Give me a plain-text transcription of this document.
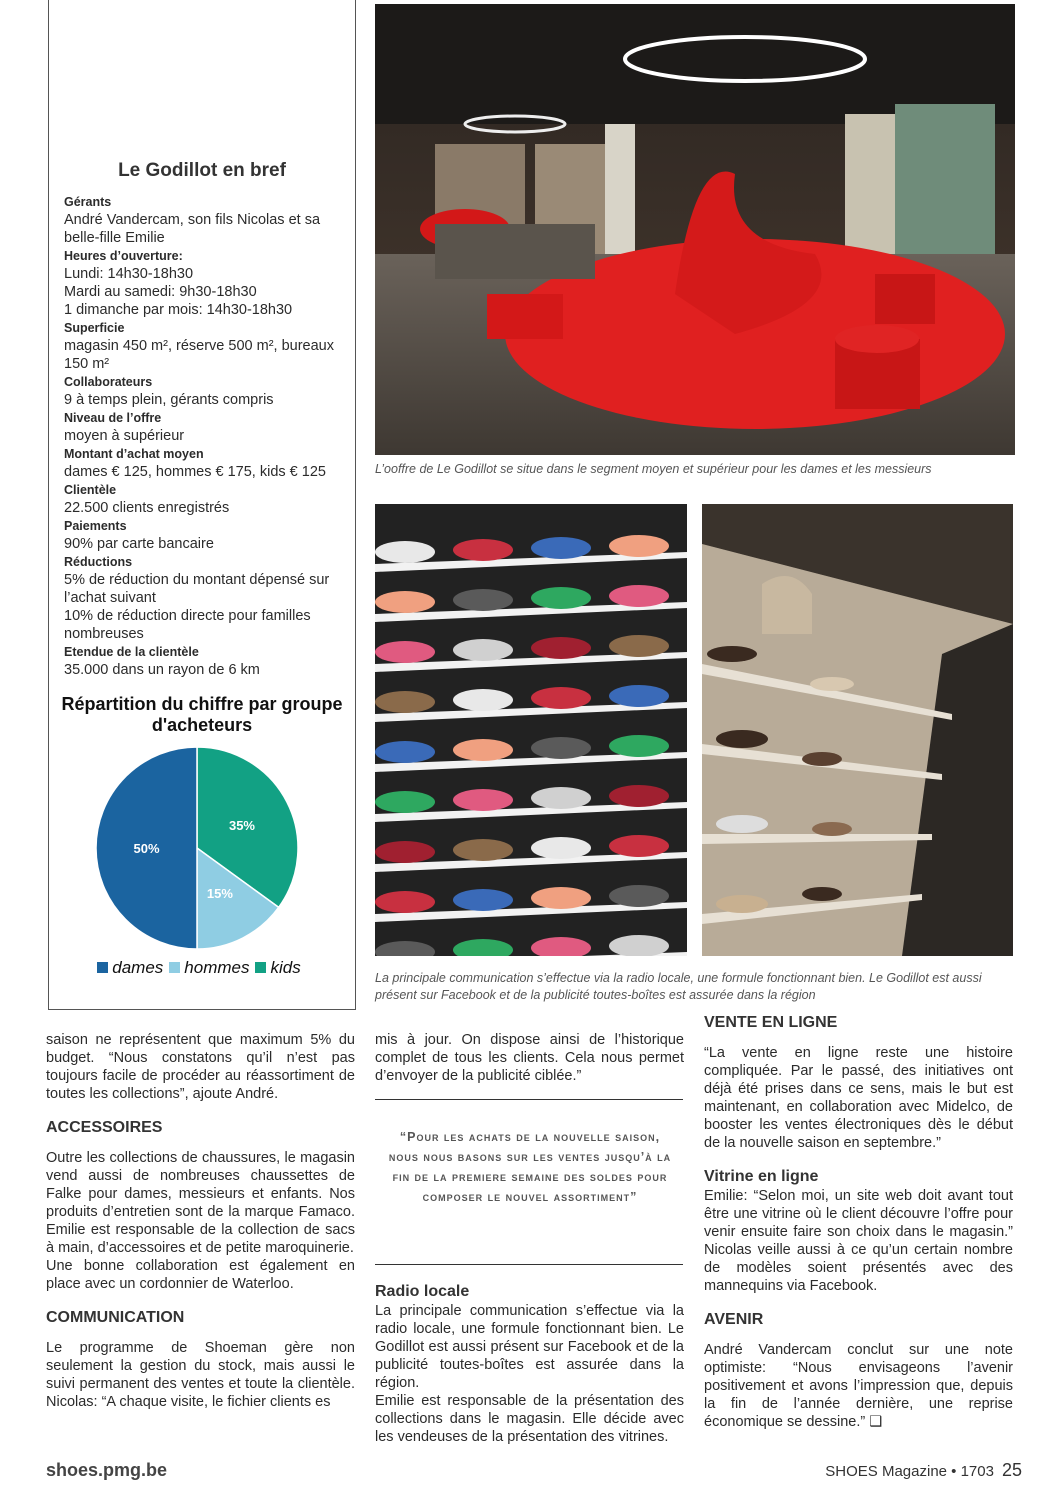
Le Godillot en bref
Gérants
André Vandercam, son fils Nicolas et sa belle-fille Emilie
Heures d’ouverture:
Lundi: 14h30-18h30
Mardi au samedi: 9h30-18h30
1 dimanche par mois: 14h30-18h30
Superficie
magasin 450 m², réserve 500 m², bureaux 150 m²
Collaborateurs
9 à temps plein, gérants compris
Niveau de l’offre
moyen à supérieur
Montant d’achat moyen
dames € 125, hommes € 175, kids € 125
Clientèle
22.500 clients enregistrés
Paiements
90% par carte bancaire
Réductions
5% de réduction du montant dépensé sur l’achat suivant
10% de réduction directe pour familles nombreuses
Etendue de la clientèle
35.000 dans un rayon de 6 km
Répartition du chiffre par groupe d'acheteurs
35%
15%
50%
dames hommes kids
L’ooffre de Le Godillot se situe dans le segment moyen et supérieur pour les dames et les messieurs
La principale communication s’effectue via la radio locale, une formule fonctionnant bien. Le Godillot est aussi présent sur Facebook et de la publicité toutes-boîtes est assurée dans la région

saison ne représentent que maximum 5% du budget. “Nous constatons qu’il n’est pas toujours facile de procéder au réassortiment de toutes les collections”, ajoute André.

ACCESSOIRES

Outre les collections de chaussures, le magasin vend aussi de nombreuses chaussettes de Falke pour dames, messieurs et enfants. Nos produits d’entretien sont de la marque Famaco. Emilie est responsable de la collection de sacs à main, d’accessoires et de petite maroquinerie.

Une bonne collaboration est également en place avec un cordonnier de Waterloo.

COMMUNICATION

Le programme de Shoeman gère non seulement la gestion du stock, mais aussi le suivi permanent des ventes et toute la clientèle. Nicolas: “A chaque visite, le fichier clients es

mis à jour. On dispose ainsi de l’historique complet de tous les clients. Cela nous permet d’envoyer de la publicité ciblée.”

“Pour les achats de la nouvelle saison, nous nous basons sur les ventes jusqu’à la fin de la premiere semaine des soldes pour composer le nouvel assortiment”

Radio locale

La principale communication s’effectue via la radio locale, une formule fonctionnant bien. Le Godillot est aussi présent sur Facebook et de la publicité toutes-boîtes est assurée dans la région.

Emilie est responsable de la présentation des collections dans le magasin. Elle décide avec les vendeuses de la présentation des vitrines.

VENTE EN LIGNE

“La vente en ligne reste une histoire compliquée. Par le passé, des initiatives ont déjà été prises dans ce sens, mais le but est maintenant, en collaboration avec Midelco, de booster les ventes électroniques dès le début de la nouvelle saison en septembre.”

Vitrine en ligne

Emilie: “Selon moi, un site web doit avant tout être une vitrine où le client découvre l’offre pour venir ensuite faire son choix dans le magasin.” Nicolas veille aussi à ce qu’un certain nombre de modèles soient présentés avec des mannequins via Facebook.

AVENIR

André Vandercam conclut sur une note optimiste: “Nous envisageons l’avenir positivement et avons l’impression que, depuis la fin de l’année dernière, une reprise économique se dessine.” ❑

shoes.pmg.be	SHOES Magazine • 1703 25
